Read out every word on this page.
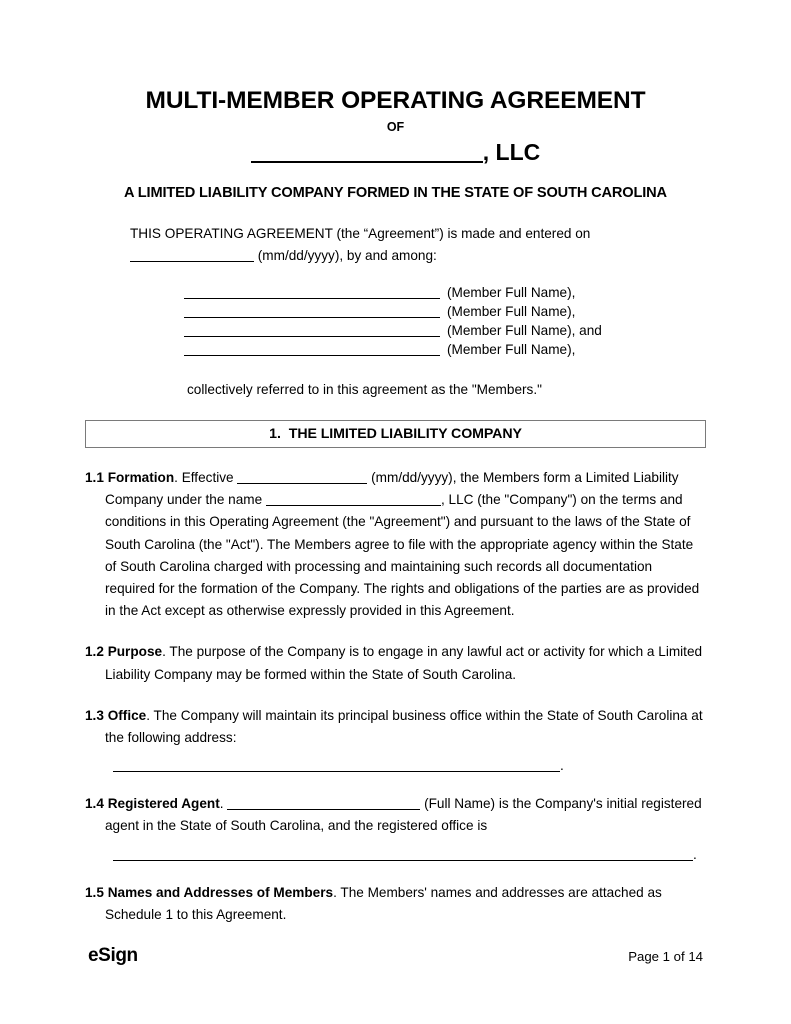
MULTI-MEMBER OPERATING AGREEMENT
OF
, LLC
A LIMITED LIABILITY COMPANY FORMED IN THE STATE OF SOUTH CAROLINA
THIS OPERATING AGREEMENT (the “Agreement”) is made and entered on
(mm/dd/yyyy), by and among:
(Member Full Name),
(Member Full Name),
(Member Full Name), and
(Member Full Name),
collectively referred to in this agreement as the "Members."
1. THE LIMITED LIABILITY COMPANY
1.1 Formation. Effective	(mm/dd/yyyy), the Members form a Limited Liability Company under the name	, LLC (the "Company") on the terms and conditions in this Operating Agreement (the "Agreement") and pursuant to the laws of the State of South Carolina (the "Act"). The Members agree to file with the appropriate agency within the State of South Carolina charged with processing and maintaining such records all documentation required for the formation of the Company. The rights and obligations of the parties are as provided in the Act except as otherwise expressly provided in this Agreement.
1.2 Purpose. The purpose of the Company is to engage in any lawful act or activity for which a Limited Liability Company may be formed within the State of South Carolina.
1.3 Office. The Company will maintain its principal business office within the State of South Carolina at the following address:
.
1.4 Registered Agent.	(Full Name) is the Company's initial registered agent in the State of South Carolina, and the registered office is
.
1.5 Names and Addresses of Members. The Members' names and addresses are attached as Schedule 1 to this Agreement.
eSign	Page 1 of 14
